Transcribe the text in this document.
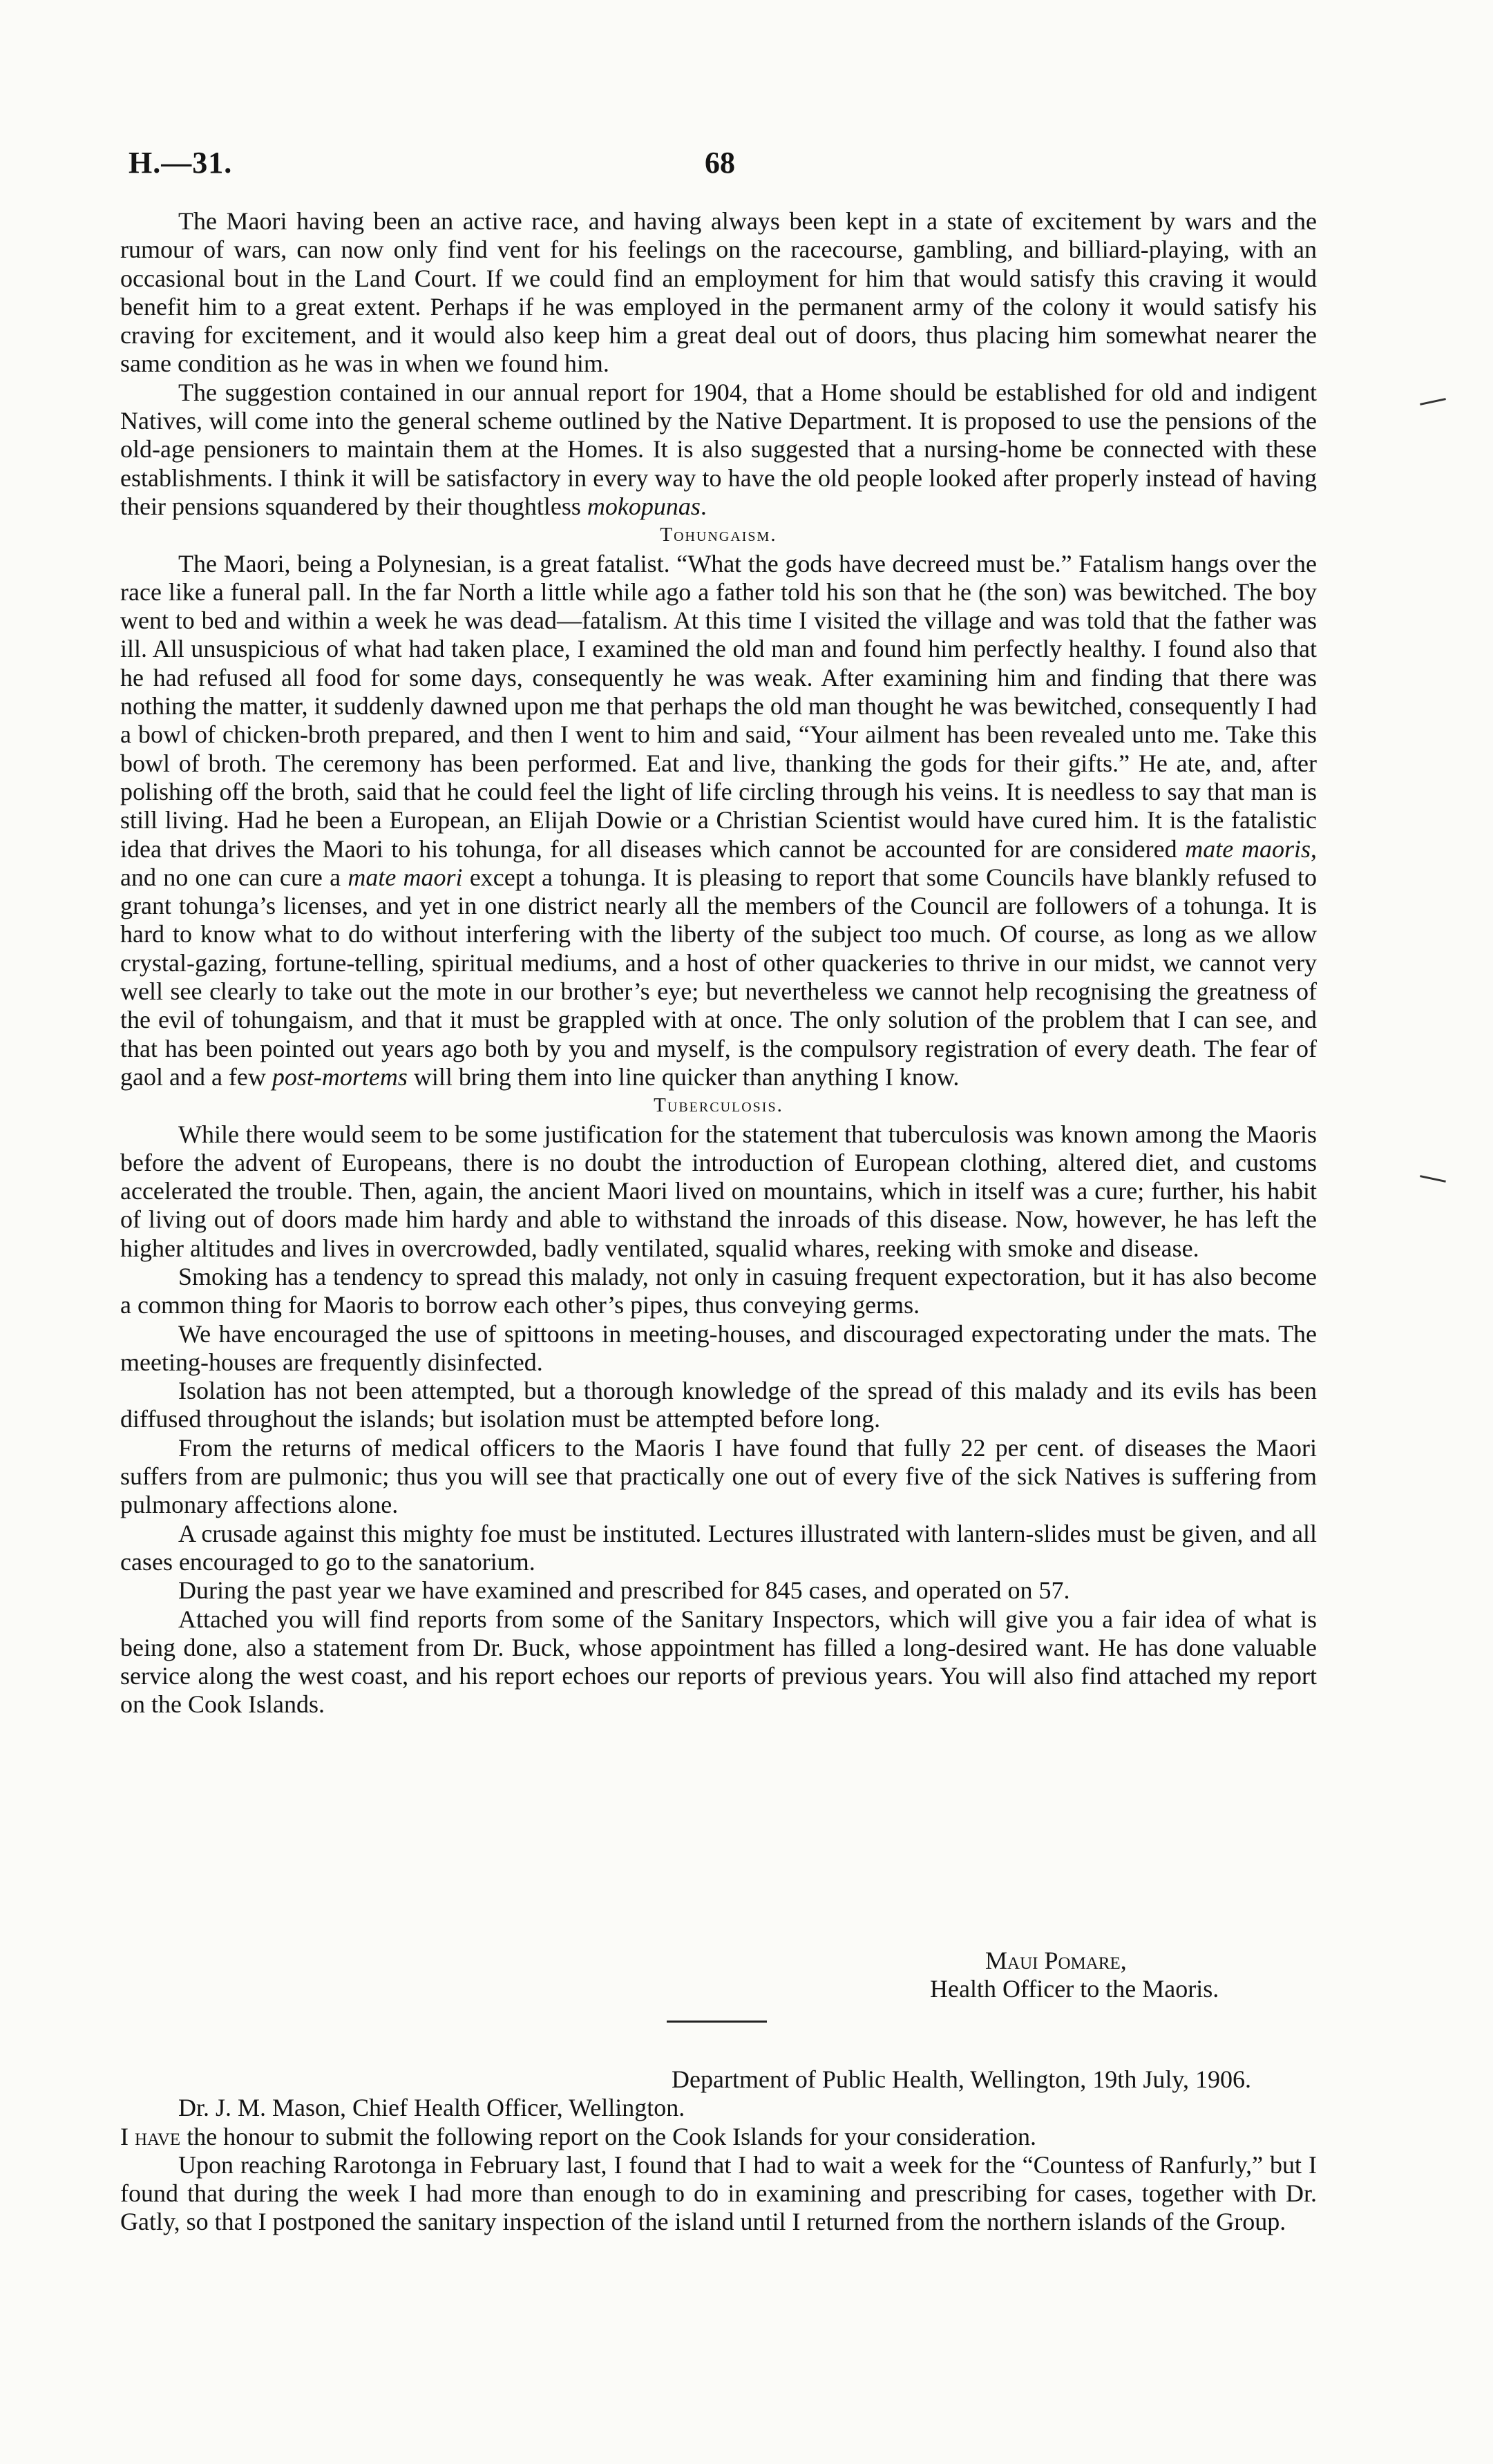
H.—31.	68

The Maori having been an active race, and having always been kept in a state of excitement by wars and the rumour of wars, can now only find vent for his feelings on the racecourse, gambling, and billiard-playing, with an occasional bout in the Land Court. If we could find an employment for him that would satisfy this craving it would benefit him to a great extent. Perhaps if he was employed in the permanent army of the colony it would satisfy his craving for excitement, and it would also keep him a great deal out of doors, thus placing him somewhat nearer the same condition as he was in when we found him.

The suggestion contained in our annual report for 1904, that a Home should be established for old and indigent Natives, will come into the general scheme outlined by the Native Department. It is proposed to use the pensions of the old-age pensioners to maintain them at the Homes. It is also suggested that a nursing-home be connected with these establishments. I think it will be satisfactory in every way to have the old people looked after properly instead of having their pensions squandered by their thoughtless mokopunas.

Tohungaism.

The Maori, being a Polynesian, is a great fatalist. “What the gods have decreed must be.” Fatalism hangs over the race like a funeral pall. In the far North a little while ago a father told his son that he (the son) was bewitched. The boy went to bed and within a week he was dead—fatalism. At this time I visited the village and was told that the father was ill. All unsuspicious of what had taken place, I examined the old man and found him perfectly healthy. I found also that he had refused all food for some days, consequently he was weak. After examining him and finding that there was nothing the matter, it suddenly dawned upon me that perhaps the old man thought he was bewitched, consequently I had a bowl of chicken-broth prepared, and then I went to him and said, “Your ailment has been revealed unto me. Take this bowl of broth. The ceremony has been performed. Eat and live, thanking the gods for their gifts.” He ate, and, after polishing off the broth, said that he could feel the light of life circling through his veins. It is needless to say that man is still living. Had he been a European, an Elijah Dowie or a Christian Scientist would have cured him. It is the fatalistic idea that drives the Maori to his tohunga, for all diseases which cannot be accounted for are considered mate maoris, and no one can cure a mate maori except a tohunga. It is pleasing to report that some Councils have blankly refused to grant tohunga’s licenses, and yet in one district nearly all the members of the Council are followers of a tohunga. It is hard to know what to do without interfering with the liberty of the subject too much. Of course, as long as we allow crystal-gazing, fortune-telling, spiritual mediums, and a host of other quackeries to thrive in our midst, we cannot very well see clearly to take out the mote in our brother’s eye; but nevertheless we cannot help recognising the greatness of the evil of tohungaism, and that it must be grappled with at once. The only solution of the problem that I can see, and that has been pointed out years ago both by you and myself, is the compulsory registration of every death. The fear of gaol and a few post-mortems will bring them into line quicker than anything I know.

Tuberculosis.

While there would seem to be some justification for the statement that tuberculosis was known among the Maoris before the advent of Europeans, there is no doubt the introduction of European clothing, altered diet, and customs accelerated the trouble. Then, again, the ancient Maori lived on mountains, which in itself was a cure; further, his habit of living out of doors made him hardy and able to withstand the inroads of this disease. Now, however, he has left the higher altitudes and lives in overcrowded, badly ventilated, squalid whares, reeking with smoke and disease.

Smoking has a tendency to spread this malady, not only in casuing frequent expectoration, but it has also become a common thing for Maoris to borrow each other’s pipes, thus conveying germs.

We have encouraged the use of spittoons in meeting-houses, and discouraged expectorating under the mats. The meeting-houses are frequently disinfected.

Isolation has not been attempted, but a thorough knowledge of the spread of this malady and its evils has been diffused throughout the islands; but isolation must be attempted before long.

From the returns of medical officers to the Maoris I have found that fully 22 per cent. of diseases the Maori suffers from are pulmonic; thus you will see that practically one out of every five of the sick Natives is suffering from pulmonary affections alone.

A crusade against this mighty foe must be instituted. Lectures illustrated with lantern-slides must be given, and all cases encouraged to go to the sanatorium.

During the past year we have examined and prescribed for 845 cases, and operated on 57.

Attached you will find reports from some of the Sanitary Inspectors, which will give you a fair idea of what is being done, also a statement from Dr. Buck, whose appointment has filled a long-desired want. He has done valuable service along the west coast, and his report echoes our reports of previous years. You will also find attached my report on the Cook Islands.

Maui Pomare,
Health Officer to the Maoris.

Department of Public Health, Wellington, 19th July, 1906.

Dr. J. M. Mason, Chief Health Officer, Wellington.

I have the honour to submit the following report on the Cook Islands for your consideration.

Upon reaching Rarotonga in February last, I found that I had to wait a week for the “Countess of Ranfurly,” but I found that during the week I had more than enough to do in examining and prescribing for cases, together with Dr. Gatly, so that I postponed the sanitary inspection of the island until I returned from the northern islands of the Group.
